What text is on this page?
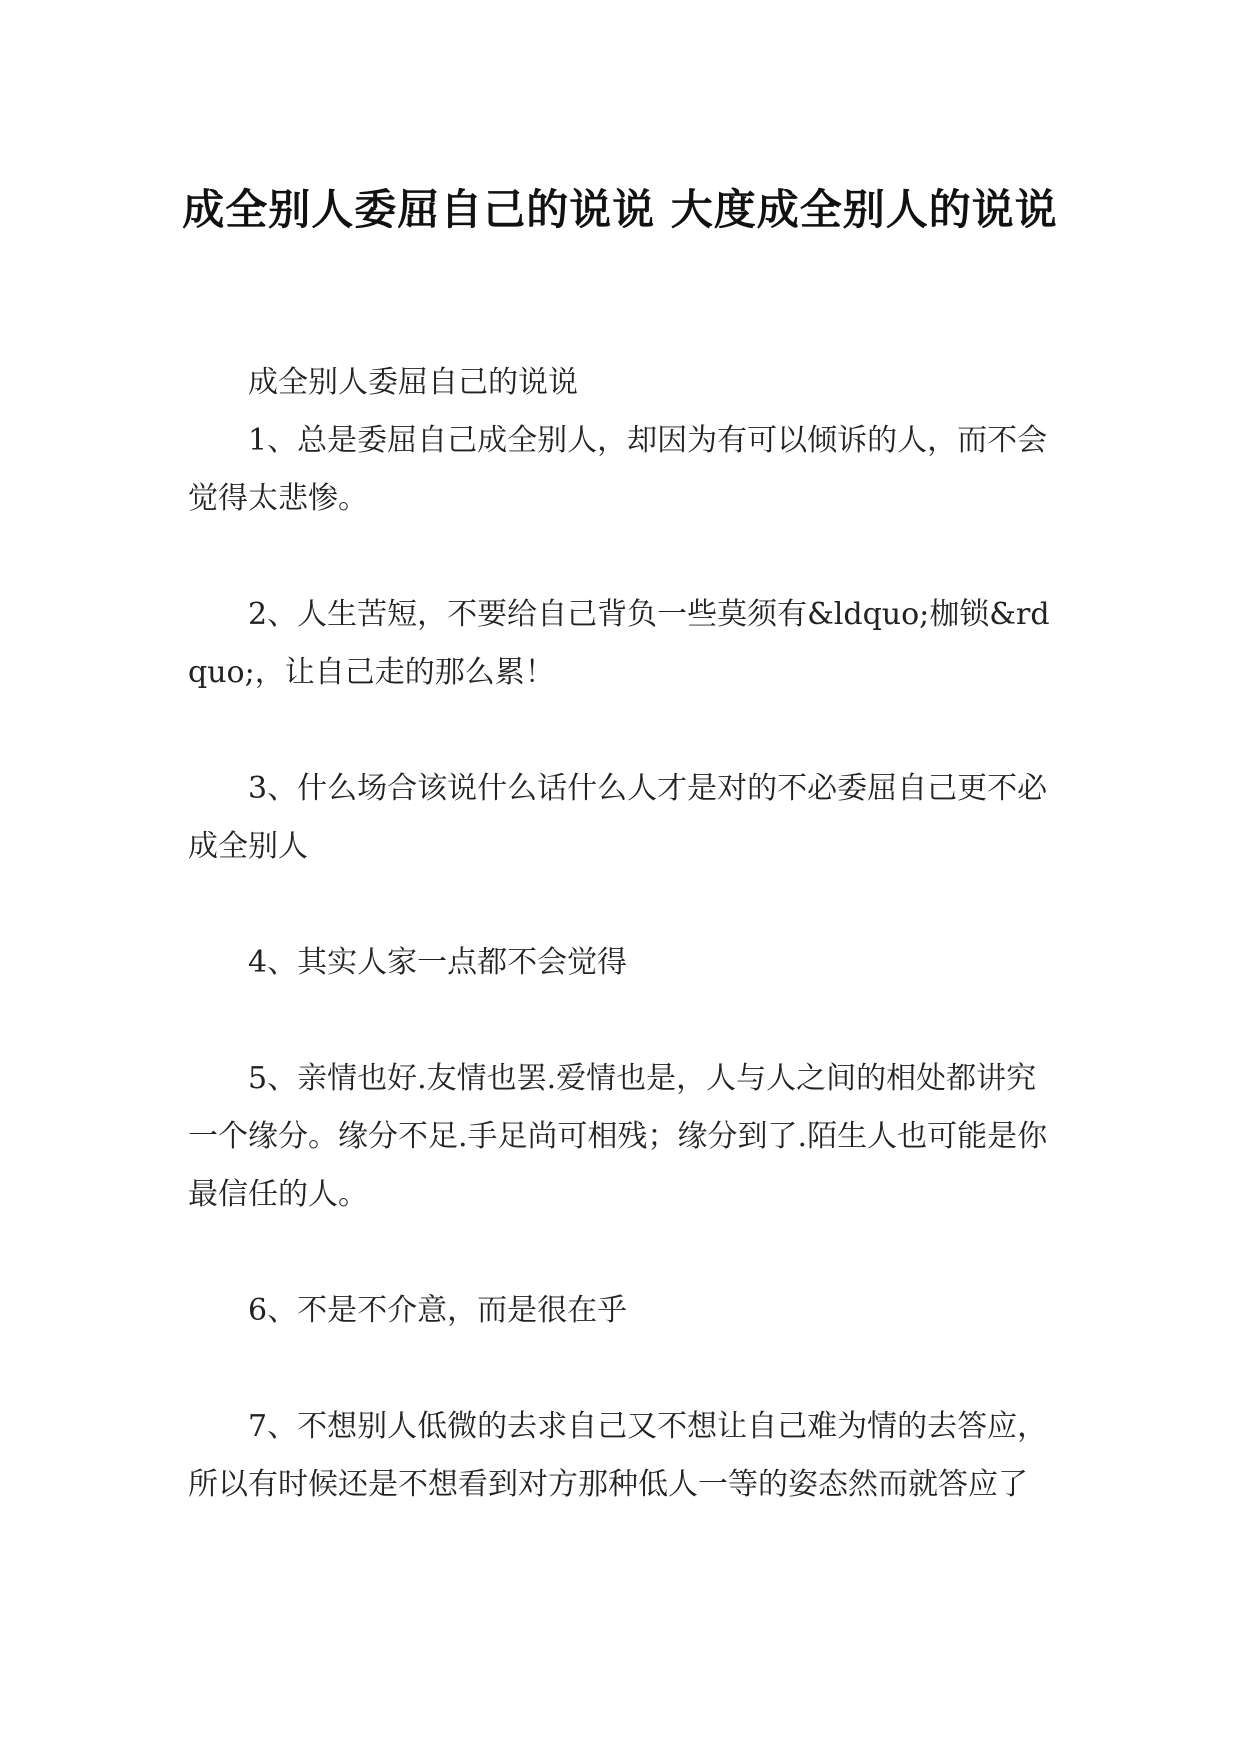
成全别人委屈自己的说说 大度成全别人的说说

成全别人委屈自己的说说

1、总是委屈自己成全别人，却因为有可以倾诉的人，而不会觉得太悲惨。

2、人生苦短，不要给自己背负一些莫须有&ldquo;枷锁&rdquo;，让自己走的那么累！

3、什么场合该说什么话什么人才是对的不必委屈自己更不必成全别人

4、其实人家一点都不会觉得

5、亲情也好.友情也罢.爱情也是，人与人之间的相处都讲究一个缘分。缘分不足.手足尚可相残；缘分到了.陌生人也可能是你最信任的人。

6、不是不介意，而是很在乎

7、不想别人低微的去求自己又不想让自己难为情的去答应，所以有时候还是不想看到对方那种低人一等的姿态然而就答应了
